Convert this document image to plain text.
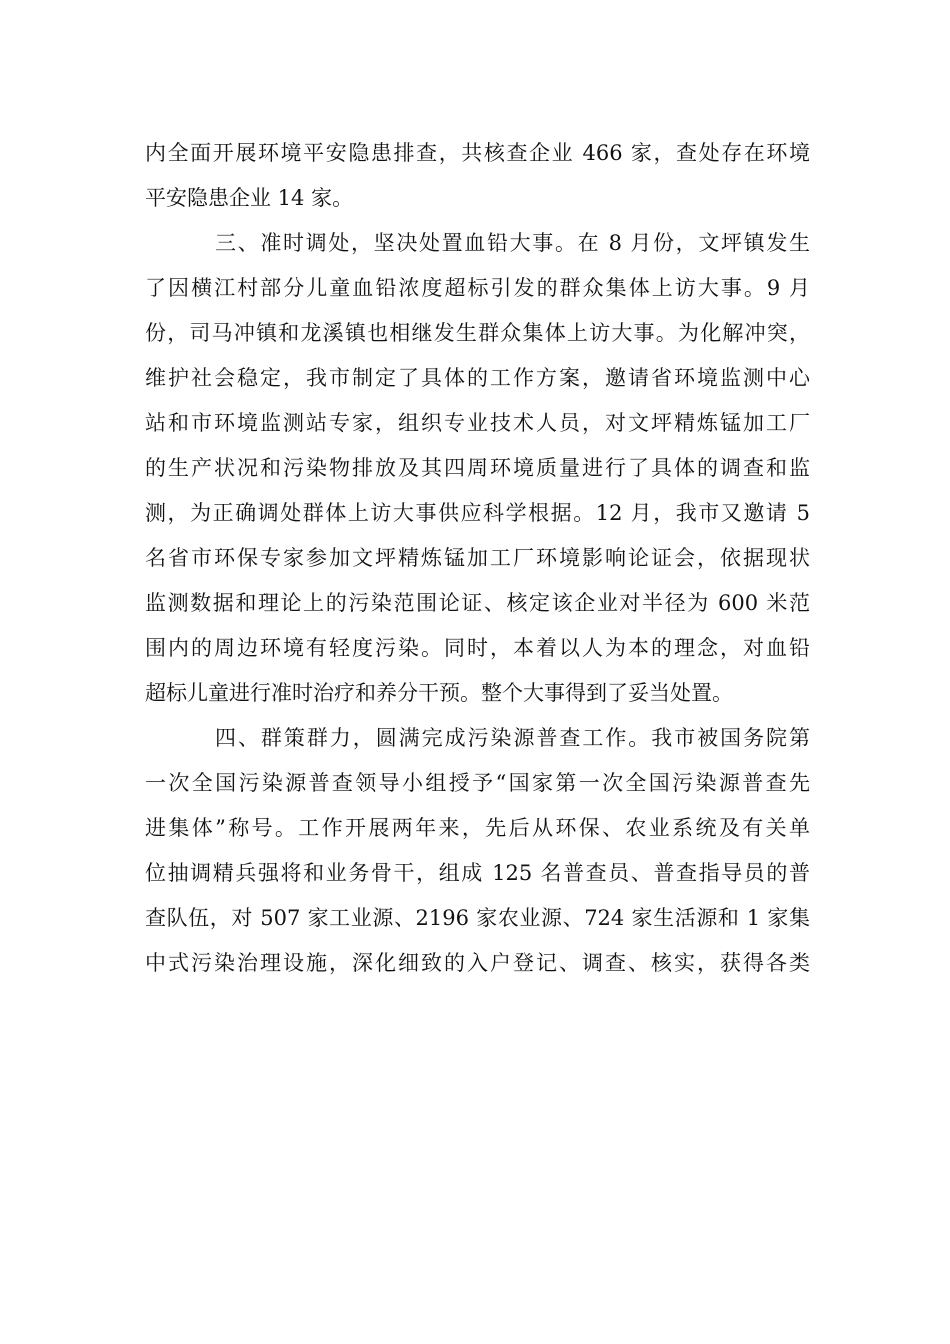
内全面开展环境平安隐患排查，共核查企业 466 家，查处存在环境
平安隐患企业 14 家。
三、准时调处，坚决处置血铅大事。在 8 月份，文坪镇发生
了因横江村部分儿童血铅浓度超标引发的群众集体上访大事。9 月
份，司马冲镇和龙溪镇也相继发生群众集体上访大事。为化解冲突，
维护社会稳定，我市制定了具体的工作方案，邀请省环境监测中心
站和市环境监测站专家，组织专业技术人员，对文坪精炼锰加工厂
的生产状况和污染物排放及其四周环境质量进行了具体的调查和监
测，为正确调处群体上访大事供应科学根据。12 月，我市又邀请 5
名省市环保专家参加文坪精炼锰加工厂环境影响论证会，依据现状
监测数据和理论上的污染范围论证、核定该企业对半径为 600 米范
围内的周边环境有轻度污染。同时，本着以人为本的理念，对血铅
超标儿童进行准时治疗和养分干预。整个大事得到了妥当处置。
四、群策群力，圆满完成污染源普查工作。我市被国务院第
一次全国污染源普查领导小组授予“国家第一次全国污染源普查先
进集体”称号。工作开展两年来，先后从环保、农业系统及有关单
位抽调精兵强将和业务骨干，组成 125 名普查员、普查指导员的普
查队伍，对 507 家工业源、2196 家农业源、724 家生活源和 1 家集
中式污染治理设施，深化细致的入户登记、调查、核实，获得各类
